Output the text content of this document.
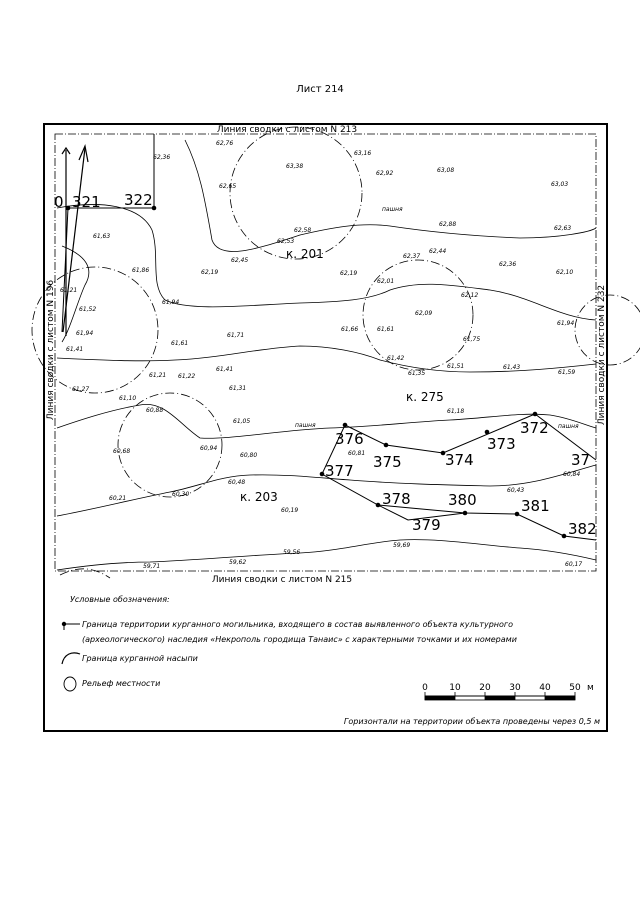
Лист 214
Линия сводки с листом N 213
Линия сводки с листом N 215
Линия сводки с листом N 196	Линия сводки с листом N 232
к. 201
к. 275
к. 203
пашня
пашня	пашня
0 321 322
376
375	374
373
372
37
377
378 380	381
379	382
62,36
62,76
63,38
63,16
62,92	63,08
63,03
62,65
62,88
62,63
62,58
62,53
62,45
62,19	62,19
62,37
62,44
62,36
62,10
61,63
61,86
62,01
62,12
61,21
61,52
61,94
62,09
61,94
61,94
61,71
61,66	61,61
61,75
61,41
61,61
61,42
61,41
61,35
61,51	61,43
61,59
61,27
61,10
61,21 61,22
61,31
61,18
60,88
61,05
60,68	60,94
60,81
60,80
60,48
60,43
60,84
60,21
60,30
60,19
59,69
59,71
59,62
59,56
60,17
Условные обозначения:
Граница территории курганного могильника, входящего в состав выявленного объекта культурного
(археологического) наследия «Некрополь городища Танаис» с характерными точками и их номерами
Граница курганной насыпи
Рельеф местности	0 10 20 30 40 50 м
Горизонтали на территории объекта проведены через 0,5 м
